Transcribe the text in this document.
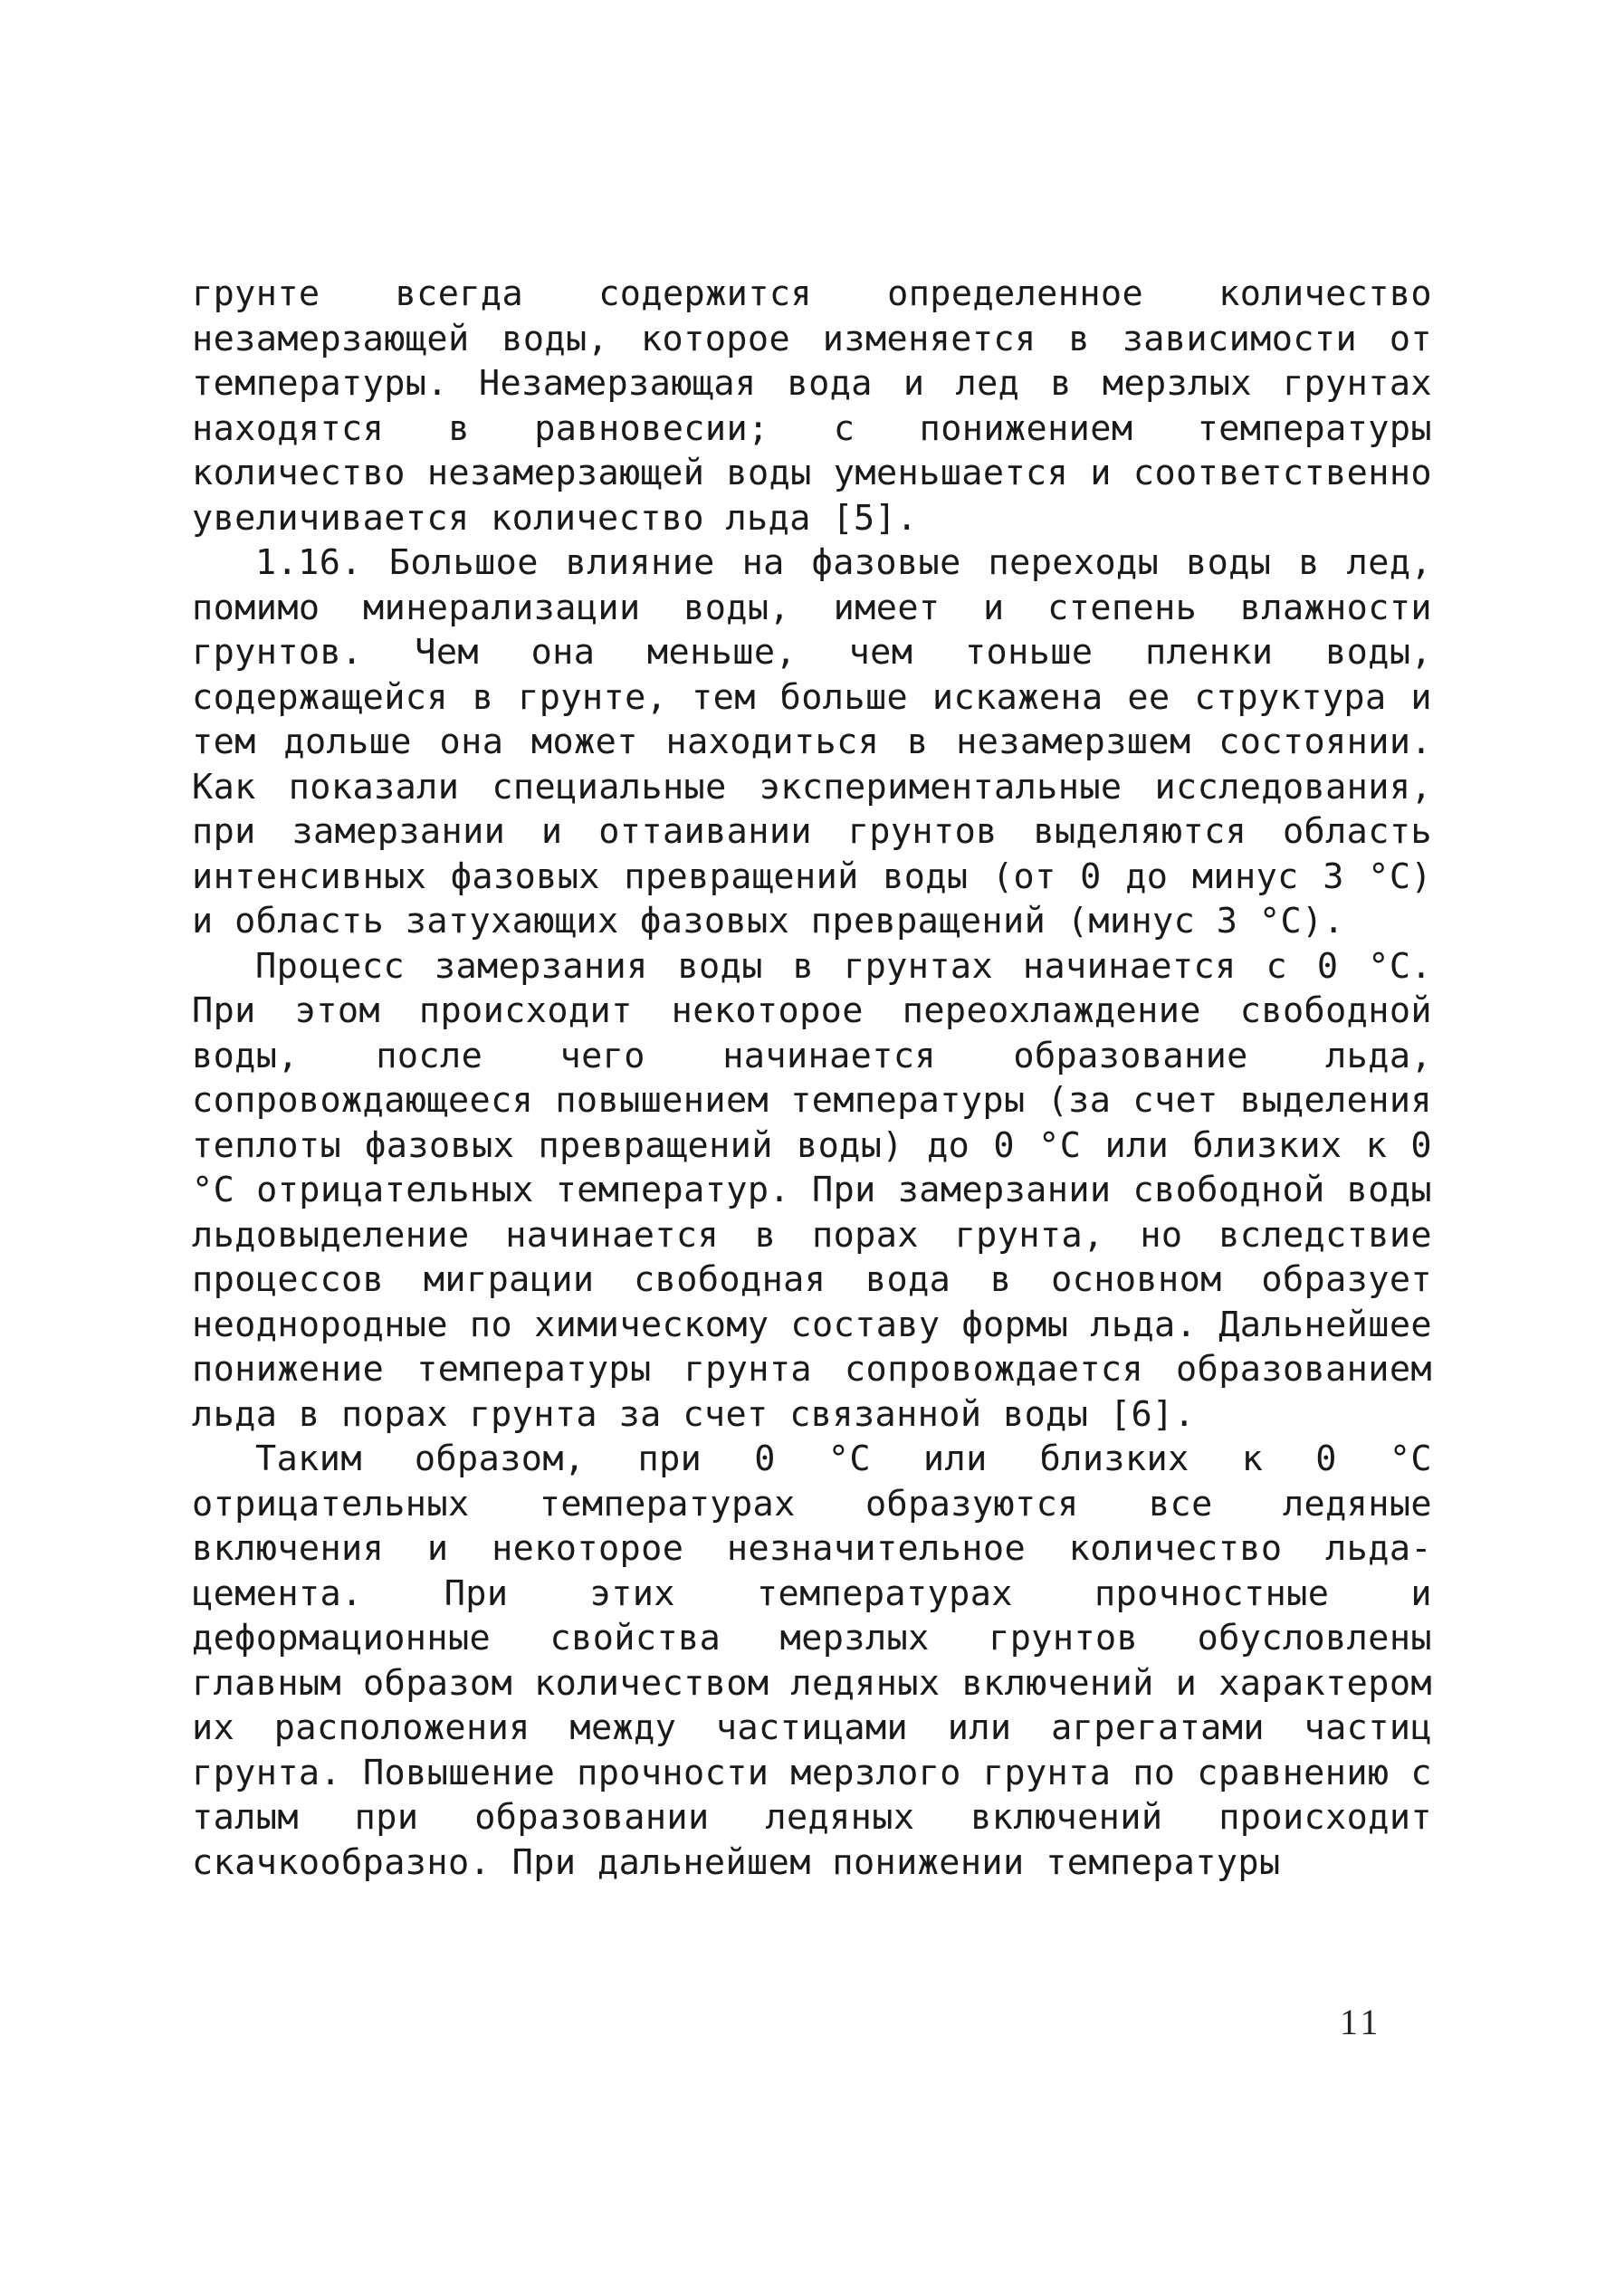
грунте всегда содержится определенное количество незамерзающей воды, которое изменяется в зависимости от температуры. Незамерзающая вода и лед в мерзлых грунтах находятся в равновесии; с понижением температуры количество незамерзающей воды уменьшается и соответственно увеличивается количество льда [5].

1.16. Большое влияние на фазовые переходы воды в лед, помимо минерализации воды, имеет и степень влажности грунтов. Чем она меньше, чем тоньше пленки воды, содержащейся в грунте, тем больше искажена ее структура и тем дольше она может находиться в незамерзшем состоянии. Как показали специальные экспериментальные исследования, при замерзании и оттаивании грунтов выделяются область интенсивных фазовых превращений воды (от 0 до минус 3 °С) и область затухающих фазовых превращений (минус 3 °С).

Процесс замерзания воды в грунтах начинается с 0 °С. При этом происходит некоторое переохлаждение свободной воды, после чего начинается образование льда, сопровождающееся повышением температуры (за счет выделения теплоты фазовых превращений воды) до 0 °С или близких к 0 °С отрицательных температур. При замерзании свободной воды льдовыделение начинается в порах грунта, но вследствие процессов миграции свободная вода в основном образует неоднородные по химическому составу формы льда. Дальнейшее понижение температуры грунта сопровождается образованием льда в порах грунта за счет связанной воды [6].

Таким образом, при 0 °С или близких к 0 °С отрицательных температурах образуются все ледяные включения и некоторое незначительное количество льда-цемента. При этих температурах прочностные и деформационные свойства мерзлых грунтов обусловлены главным образом количеством ледяных включений и характером их расположения между частицами или агрегатами частиц грунта. Повышение прочности мерзлого грунта по сравнению с талым при образовании ледяных включений происходит скачкообразно. При дальнейшем понижении температуры

11
